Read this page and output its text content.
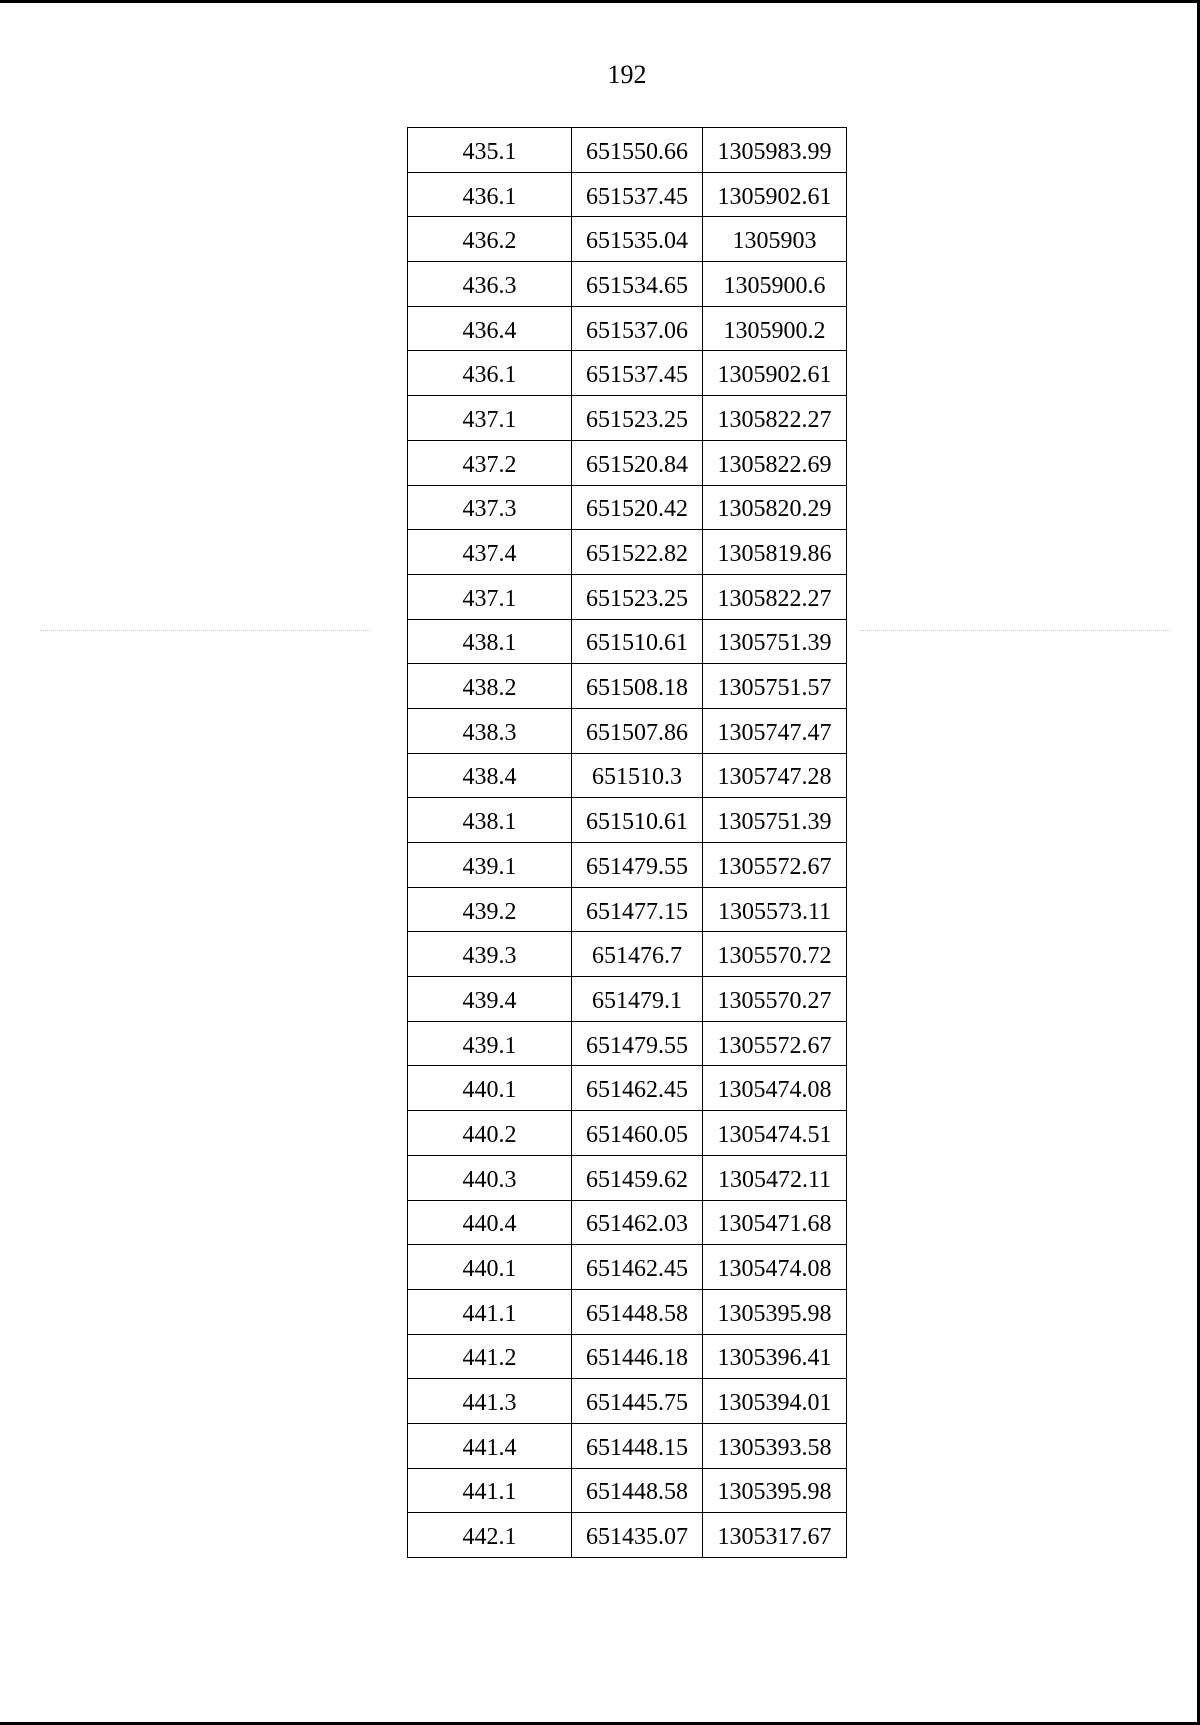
192
435.1	651550.66	1305983.99
436.1	651537.45	1305902.61
436.2	651535.04	1305903
436.3	651534.65	1305900.6
436.4	651537.06	1305900.2
436.1	651537.45	1305902.61
437.1	651523.25	1305822.27
437.2	651520.84	1305822.69
437.3	651520.42	1305820.29
437.4	651522.82	1305819.86
437.1	651523.25	1305822.27
438.1	651510.61	1305751.39
438.2	651508.18	1305751.57
438.3	651507.86	1305747.47
438.4	651510.3	1305747.28
438.1	651510.61	1305751.39
439.1	651479.55	1305572.67
439.2	651477.15	1305573.11
439.3	651476.7	1305570.72
439.4	651479.1	1305570.27
439.1	651479.55	1305572.67
440.1	651462.45	1305474.08
440.2	651460.05	1305474.51
440.3	651459.62	1305472.11
440.4	651462.03	1305471.68
440.1	651462.45	1305474.08
441.1	651448.58	1305395.98
441.2	651446.18	1305396.41
441.3	651445.75	1305394.01
441.4	651448.15	1305393.58
441.1	651448.58	1305395.98
442.1	651435.07	1305317.67
